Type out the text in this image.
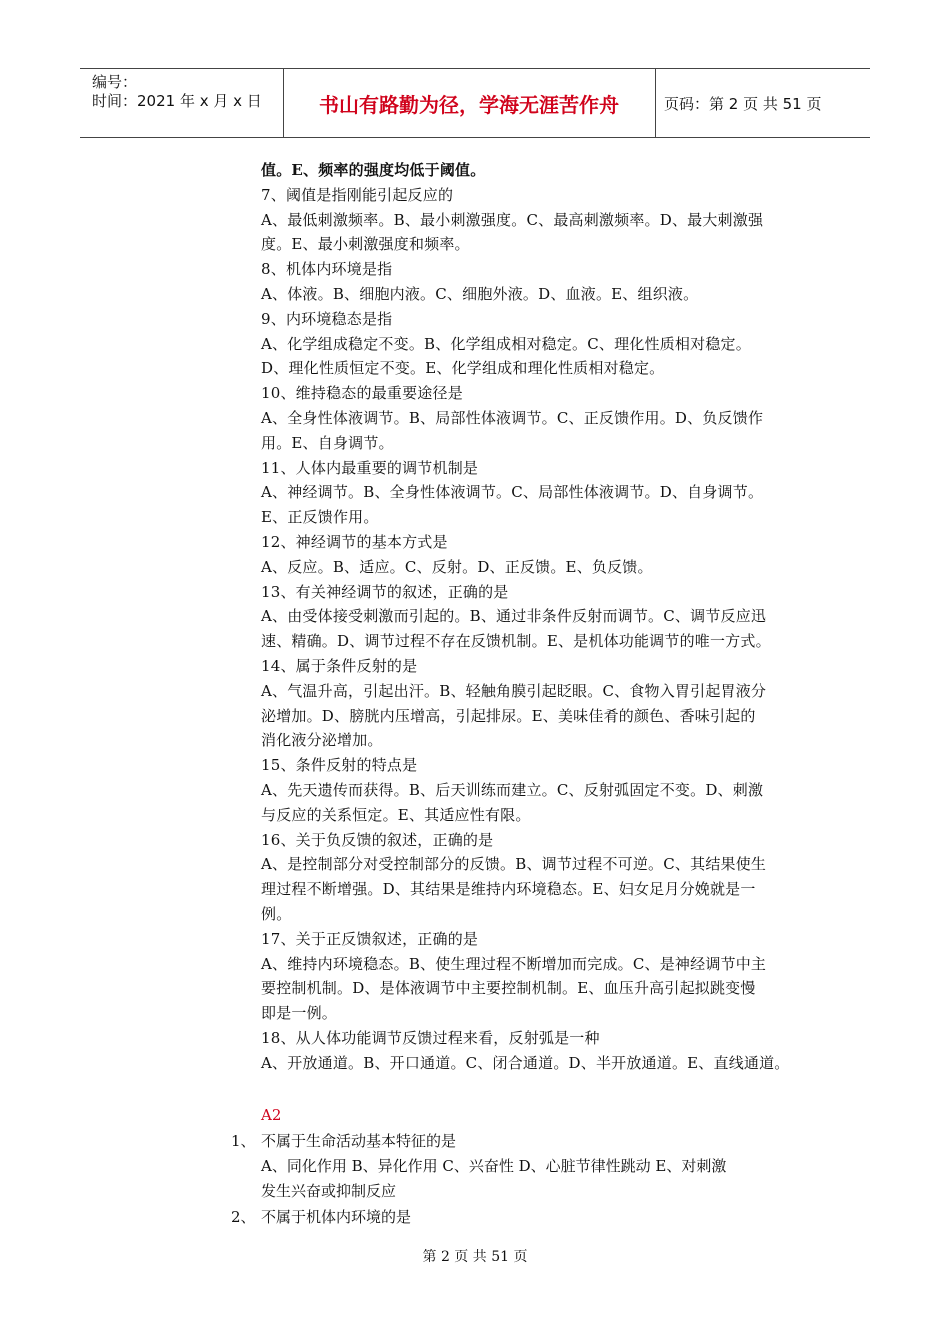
编号：
时间：2021 年 x 月 x 日	书山有路勤为径，学海无涯苦作舟	页码：第 2 页 共 51 页
值。E、频率的强度均低于阈值。
7、阈值是指刚能引起反应的
A、最低刺激频率。B、最小刺激强度。C、最高刺激频率。D、最大刺激强
度。E、最小刺激强度和频率。
8、机体内环境是指
A、体液。B、细胞内液。C、细胞外液。D、血液。E、组织液。
9、内环境稳态是指
A、化学组成稳定不变。B、化学组成相对稳定。C、理化性质相对稳定。
D、理化性质恒定不变。E、化学组成和理化性质相对稳定。
10、维持稳态的最重要途径是
A、全身性体液调节。B、局部性体液调节。C、正反馈作用。D、负反馈作
用。E、自身调节。
11、人体内最重要的调节机制是
A、神经调节。B、全身性体液调节。C、局部性体液调节。D、自身调节。
E、正反馈作用。
12、神经调节的基本方式是
A、反应。B、适应。C、反射。D、正反馈。E、负反馈。
13、有关神经调节的叙述，正确的是
A、由受体接受刺激而引起的。B、通过非条件反射而调节。C、调节反应迅
速、精确。D、调节过程不存在反馈机制。E、是机体功能调节的唯一方式。
14、属于条件反射的是
A、气温升高，引起出汗。B、轻触角膜引起眨眼。C、食物入胃引起胃液分
泌增加。D、膀胱内压增高，引起排尿。E、美味佳肴的颜色、香味引起的
消化液分泌增加。
15、条件反射的特点是
A、先天遗传而获得。B、后天训练而建立。C、反射弧固定不变。D、刺激
与反应的关系恒定。E、其适应性有限。
16、关于负反馈的叙述，正确的是
A、是控制部分对受控制部分的反馈。B、调节过程不可逆。C、其结果使生
理过程不断增强。D、其结果是维持内环境稳态。E、妇女足月分娩就是一
例。
17、关于正反馈叙述，正确的是
A、维持内环境稳态。B、使生理过程不断增加而完成。C、是神经调节中主
要控制机制。D、是体液调节中主要控制机制。E、血压升高引起拟跳变慢
即是一例。
18、从人体功能调节反馈过程来看，反射弧是一种
A、开放通道。B、开口通道。C、闭合通道。D、半开放通道。E、直线通道。
A2
1、 不属于生命活动基本特征的是
A、同化作用 B、异化作用 C、兴奋性 D、心脏节律性跳动 E、对刺激
发生兴奋或抑制反应
2、 不属于机体内环境的是
第 2 页 共 51 页
